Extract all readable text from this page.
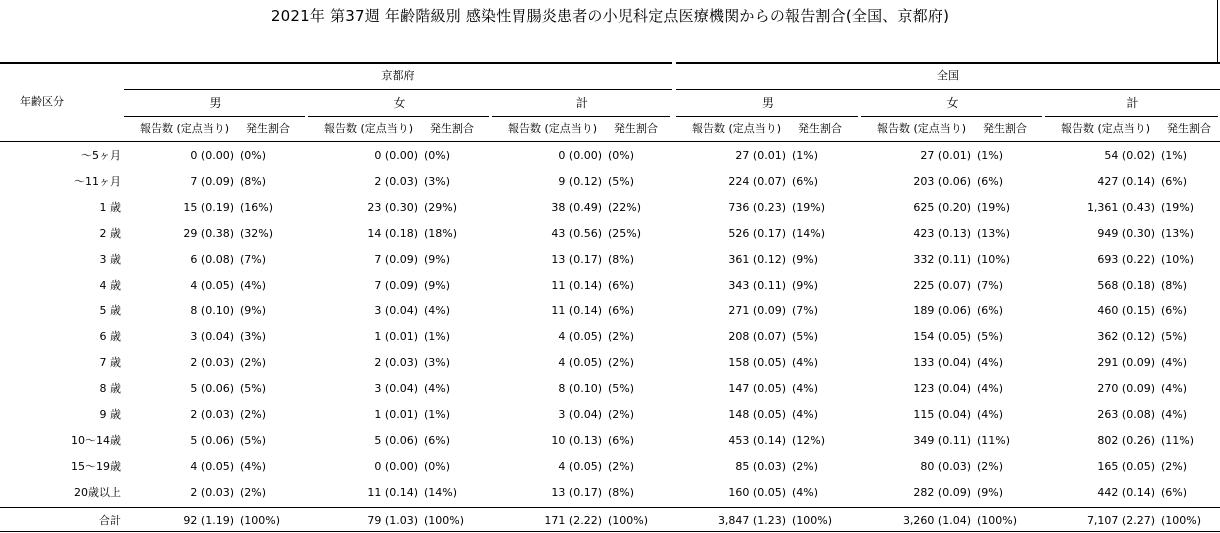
2021年 第37週 年齢階級別 感染性胃腸炎患者の小児科定点医療機関からの報告割合(全国、京都府)
年齢区分
京都府	全国
男	女	計	男	女	計
報告数 (定点当り) 発生割合	報告数 (定点当り) 発生割合	報告数 (定点当り) 発生割合	報告数 (定点当り) 発生割合	報告数 (定点当り) 発生割合	報告数 (定点当り) 発生割合
～5ヶ月	0 (0.00) (0%)	0 (0.00) (0%)	0 (0.00) (0%)	27 (0.01) (1%)	27 (0.01) (1%)	54 (0.02) (1%)
～11ヶ月	7 (0.09) (8%)	2 (0.03) (3%)	9 (0.12) (5%)	224 (0.07) (6%)	203 (0.06) (6%)	427 (0.14) (6%)
1 歳	15 (0.19) (16%)	23 (0.30) (29%)	38 (0.49) (22%)	736 (0.23) (19%)	625 (0.20) (19%)	1,361 (0.43) (19%)
2 歳	29 (0.38) (32%)	14 (0.18) (18%)	43 (0.56) (25%)	526 (0.17) (14%)	423 (0.13) (13%)	949 (0.30) (13%)
3 歳	6 (0.08) (7%)	7 (0.09) (9%)	13 (0.17) (8%)	361 (0.12) (9%)	332 (0.11) (10%)	693 (0.22) (10%)
4 歳	4 (0.05) (4%)	7 (0.09) (9%)	11 (0.14) (6%)	343 (0.11) (9%)	225 (0.07) (7%)	568 (0.18) (8%)
5 歳	8 (0.10) (9%)	3 (0.04) (4%)	11 (0.14) (6%)	271 (0.09) (7%)	189 (0.06) (6%)	460 (0.15) (6%)
6 歳	3 (0.04) (3%)	1 (0.01) (1%)	4 (0.05) (2%)	208 (0.07) (5%)	154 (0.05) (5%)	362 (0.12) (5%)
7 歳	2 (0.03) (2%)	2 (0.03) (3%)	4 (0.05) (2%)	158 (0.05) (4%)	133 (0.04) (4%)	291 (0.09) (4%)
8 歳	5 (0.06) (5%)	3 (0.04) (4%)	8 (0.10) (5%)	147 (0.05) (4%)	123 (0.04) (4%)	270 (0.09) (4%)
9 歳	2 (0.03) (2%)	1 (0.01) (1%)	3 (0.04) (2%)	148 (0.05) (4%)	115 (0.04) (4%)	263 (0.08) (4%)
10～14歳	5 (0.06) (5%)	5 (0.06) (6%)	10 (0.13) (6%)	453 (0.14) (12%)	349 (0.11) (11%)	802 (0.26) (11%)
15～19歳	4 (0.05) (4%)	0 (0.00) (0%)	4 (0.05) (2%)	85 (0.03) (2%)	80 (0.03) (2%)	165 (0.05) (2%)
20歳以上	2 (0.03) (2%)	11 (0.14) (14%)	13 (0.17) (8%)	160 (0.05) (4%)	282 (0.09) (9%)	442 (0.14) (6%)
合計	92 (1.19) (100%)	79 (1.03) (100%)	171 (2.22) (100%)	3,847 (1.23) (100%)	3,260 (1.04) (100%)	7,107 (2.27) (100%)
